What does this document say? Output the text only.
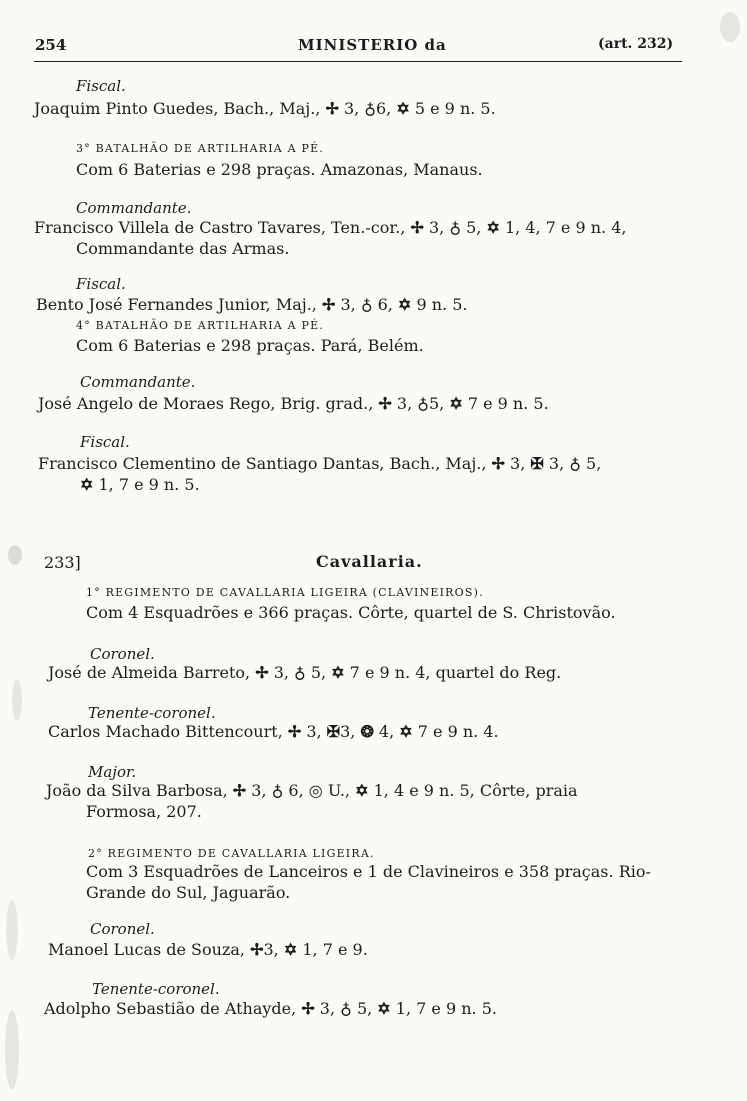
254	MINISTERIO da	(art. 232)
Fiscal.
Joaquim Pinto Guedes, Bach., Maj., ✢ 3, ♁6, ✡ 5 e 9 n. 5.
3° BATALHÃO DE ARTILHARIA A PÉ.
Com 6 Baterias e 298 praças. Amazonas, Manaus.
Commandante.
Francisco Villela de Castro Tavares, Ten.-cor., ✢ 3, ♁ 5, ✡ 1, 4, 7 e 9 n. 4,
Commandante das Armas.
Fiscal.
Bento José Fernandes Junior, Maj., ✢ 3, ♁ 6, ✡ 9 n. 5.
4° BATALHÃO DE ARTILHARIA A PÉ.
Com 6 Baterias e 298 praças. Pará, Belém.
Commandante.
José Angelo de Moraes Rego, Brig. grad., ✢ 3, ♁5, ✡ 7 e 9 n. 5.
Fiscal.
Francisco Clementino de Santiago Dantas, Bach., Maj., ✢ 3, ✠ 3, ♁ 5,
✡ 1, 7 e 9 n. 5.
233]	Cavallaria.
1° REGIMENTO DE CAVALLARIA LIGEIRA (CLAVINEIROS).
Com 4 Esquadrões e 366 praças. Côrte, quartel de S. Christovão.
Coronel.
José de Almeida Barreto, ✢ 3, ♁ 5, ✡ 7 e 9 n. 4, quartel do Reg.
Tenente-coronel.
Carlos Machado Bittencourt, ✢ 3, ✠3, ❂ 4, ✡ 7 e 9 n. 4.
Major.
João da Silva Barbosa, ✢ 3, ♁ 6, ◎ U., ✡ 1, 4 e 9 n. 5, Côrte, praia
Formosa, 207.
2° REGIMENTO DE CAVALLARIA LIGEIRA.
Com 3 Esquadrões de Lanceiros e 1 de Clavineiros e 358 praças. Rio-
Grande do Sul, Jaguarão.
Coronel.
Manoel Lucas de Souza, ✢3, ✡ 1, 7 e 9.
Tenente-coronel.
Adolpho Sebastião de Athayde, ✢ 3, ♁ 5, ✡ 1, 7 e 9 n. 5.
